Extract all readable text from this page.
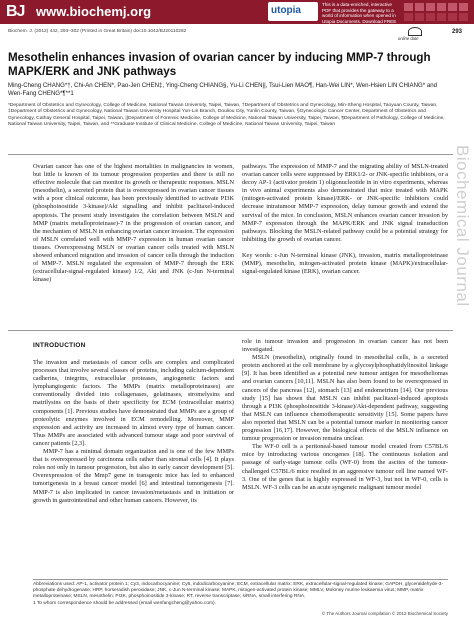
BJ www.biochemj.org	utopia
This is a data-enriched, interactive PDF that provides the gateway to a world of information when opened in Utopia Documents. Download FREE software now
Biochem. J. (2012) 442, 293–302 (Printed in Great Britain) doi:10.1042/BJ20110282
online date
293
Mesothelin enhances invasion of ovarian cancer by inducing MMP-7 through MAPK/ERK and JNK pathways
Ming-Cheng CHANG*†, Chi-An CHEN*, Pao-Jen CHEN‡, Ying-Cheng CHIANG§, Yu-Li CHEN||, Tsui-Lien MAO¶, Han-Wei LIN*, Wen-Hsien LIN CHIANG* and Wen-Fang CHENG*¶**1
*Department of Obstetrics and Gynecology, College of Medicine, National Taiwan University, Taipei, Taiwan, †Department of Obstetrics and Gynecology, Min-Sheng Hospital, Taoyuan County, Taiwan, ‡Department of Obstetrics and Gynecology, National Taiwan University Hospital Yun-Lin Branch, Douliou City, Yunlin County, Taiwan, §Gynecologic Cancer Center, Department of Obstetrics and Gynecology, Cathay General Hospital, Taipei, Taiwan, ||Department of Forensic Medicine, College of Medicine, National Taiwan University, Taipei, Taiwan, ¶Department of Pathology, College of Medicine, National Taiwan University, Taipei, Taiwan, and **Graduate Institute of Clinical Medicine, College of Medicine, National Taiwan University, Taipei, Taiwan
Biochemical Journal

Ovarian cancer has one of the highest mortalities in malignancies in women, but little is known of its tumour progression properties and there is still no effective molecule that can monitor its growth or therapeutic responses. MSLN (mesothelin), a secreted protein that is overexpressed in ovarian cancer tissues with a poor clinical outcome, has been previously identified to activate PI3K (phosphoinositide 3-kinase)/Akt signalling and inhibit paclitaxel-induced apoptosis. The present study investigates the correlation between MSLN and MMP (matrix metalloproteinase)-7 in the progression of ovarian cancer, and the mechanism of MSLN in enhancing ovarian cancer invasion. The expression of MSLN correlated well with MMP-7 expression in human ovarian cancer tissues. Overexpressing MSLN or ovarian cancer cells treated with MSLN showed enhanced migration and invasion of cancer cells through the induction of MMP-7. MSLN regulated the expression of MMP-7 through the ERK (extracellular-signal-regulated kinase) 1/2, Akt and JNK (c-Jun N-terminal kinase)

pathways. The expression of MMP-7 and the migrating ability of MSLN-treated ovarian cancer cells were suppressed by ERK1/2- or JNK-specific inhibitors, or a decoy AP-1 (activator protein 1) oligonucleotide in in vitro experiments, whereas in vivo animal experiments also demonstrated that mice treated with MAPK (mitogen-activated protein kinase)/ERK- or JNK-specific inhibitors could decrease intratumour MMP-7 expression, delay tumour growth and extend the survival of the mice. In conclusion, MSLN enhances ovarian cancer invasion by MMP-7 expression through the MAPK/ERK and JNK signal transduction pathways. Blocking the MSLN-related pathway could be a potential strategy for inhibiting the growth of ovarian cancer.

Key words: c-Jun N-terminal kinase (JNK), invasion, matrix metalloproteinase (MMP), mesothelin, mitogen-activated protein kinase (MAPK)/extracellular-signal-regulated kinase (ERK), ovarian cancer.

INTRODUCTION

The invasion and metastasis of cancer cells are complex and complicated processes that involve several classes of proteins, including calcium-dependent cadherins, integrins, extracellular proteases, angiogenetic factors and lymphangiogenic factors. The MMPs (matrix metalloproteinases) are conventionally divided into collagenases, gelatinases, stromelysins and matrilysins on the basis of their specificity for ECM (extracellular matrix) components [1]. Previous studies have demonstrated that MMPs are a group of proteolytic enzymes involved in ECM remodelling. Moreover, MMP expression and activity are increased in almost every type of human cancer. Thus MMPs are associated with advanced tumour stage and poor survival of cancer patients [2,3].

MMP-7 has a minimal domain organization and is one of the few MMPs that is overexpressed by carcinoma cells rather than stromal cells [4]. It plays roles not only in tumour progression, but also in early cancer development [5]. Overexpression of the Mmp7 gene in transgenic mice has led to enhanced tumorigenesis in a breast cancer model [6] and intestinal tumorigenesis [7]. MMP-7 is also implicated in cancer invasion/metastasis and in initiation or growth in gastrointestinal and other human cancers. However, its

role in tumour invasion and progression in ovarian cancer has not been investigated.

MSLN (mesothelin), originally found in mesothelial cells, is a secreted protein anchored at the cell membrane by a glycosylphosphatidylinositol linkage [9]. It has been identified as a potential new tumour antigen for mesotheliomas and ovarian cancers [10,11]. MSLN has also been found to be overexpressed in cancers of the pancreas [12], stomach [13] and endometrium [14]. Our previous study [15] has shown that MSLN can inhibit paclitaxel-induced apoptosis through a PI3K (phosphoinositide 3-kinase)/Akt-dependent pathway, suggesting that MSLN can influence chemotherapeutic sensitivity [15]. Some papers have also reported that MSLN can be a potential tumour marker in monitoring cancer progression [16,17]. However, the biological effects of the MSLN influence on tumour progression or invasion remains unclear.

The WF-0 cell is a peritoneal-based tumour model created from C57BL/6 mice by introducing various oncogenes [18]. The continuous isolation and passage of early-stage tumour cells (WF-0) from the ascites of the tumour-challenged C57BL/6 mice resulted in an aggressive tumour cell line named WF-3. One of the genes that is highly expressed in WF-3, but not in WF-0, cells is MSLN. WF-3 cells can be an acute syngeneic malignant tumour model

Abbreviations used: AP-1, activator protein 1; Cy3, indocarbocyanine; Cy5, indodicarbocyanine; ECM, extracellular matrix; ERK, extracellular-signal-regulated kinase; GAPDH, glyceraldehyde-3-phosphate dehydrogenase; HRP, horseradish peroxidase; JNK, c-Jun N-terminal kinase; MAPK, mitogen-activated protein kinase; MMLV, Moloney murine leukaemia virus; MMP, matrix metalloproteinase; MSLN, mesothelin; PI3K, phosphoinositide 3-kinase; RT, reverse transcriptase; siRNA, small interfering RNA.
1 To whom correspondence should be addressed (email wenfangcheng@yahoo.com).
© The Authors Journal compilation © 2012 Biochemical Society
